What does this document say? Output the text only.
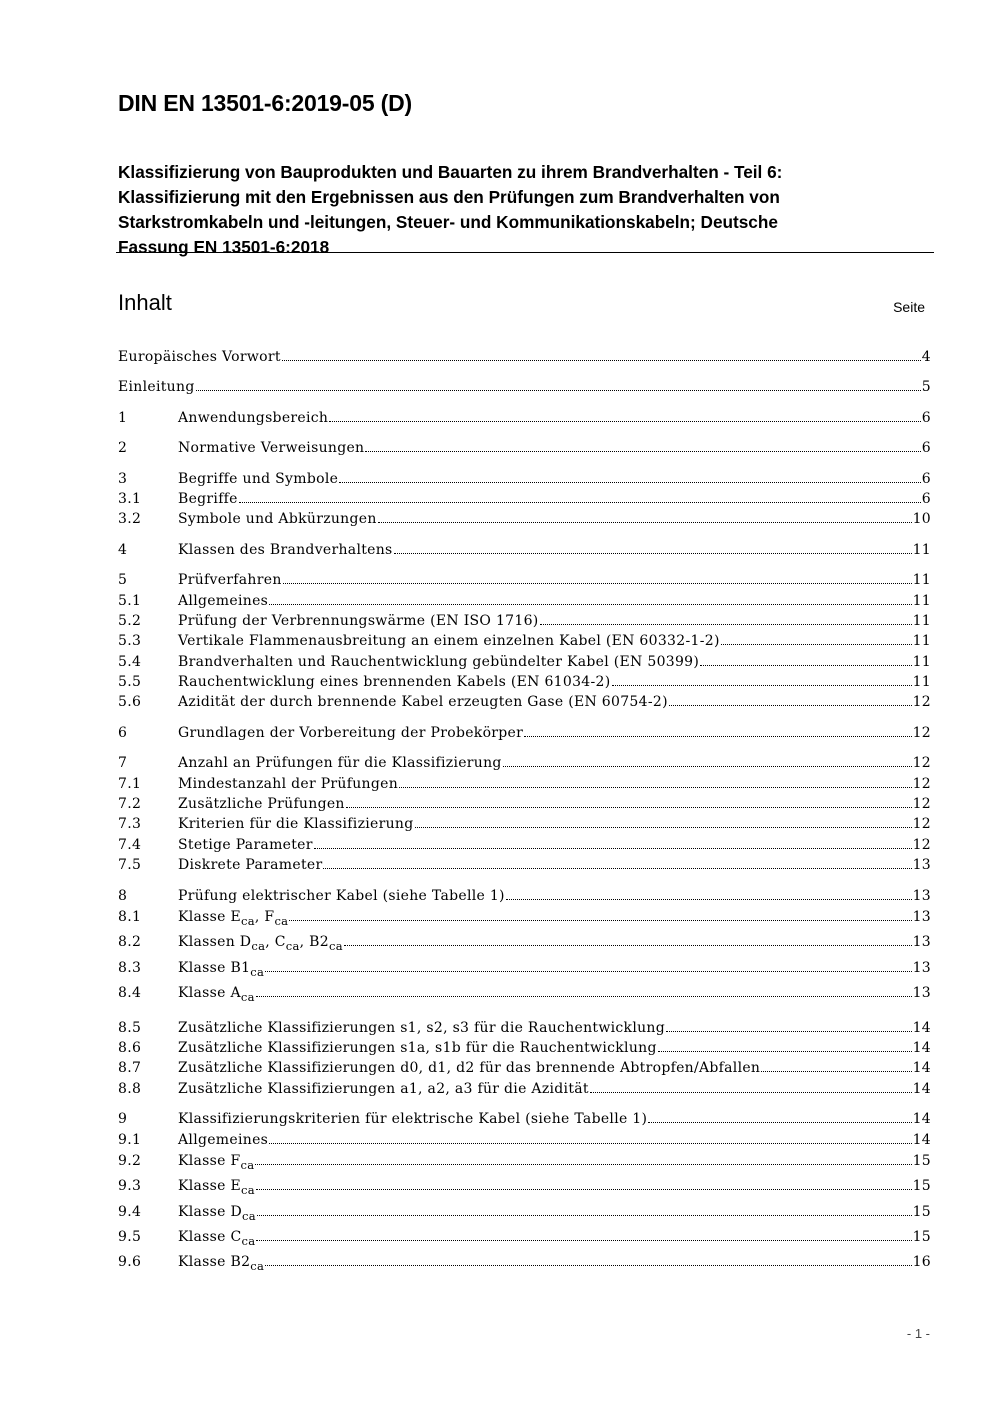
DIN EN 13501-6:2019-05 (D)
Klassifizierung von Bauprodukten und Bauarten zu ihrem Brandverhalten - Teil 6:
Klassifizierung mit den Ergebnissen aus den Prüfungen zum Brandverhalten von
Starkstromkabeln und -leitungen, Steuer- und Kommunikationskabeln; Deutsche
Fassung EN 13501-6:2018
Inhalt	Seite
Europäisches Vorwort	4
Einleitung	5
1	Anwendungsbereich	6
2	Normative Verweisungen	6
3	Begriffe und Symbole	6
3.1	Begriffe	6
3.2	Symbole und Abkürzungen	10
4	Klassen des Brandverhaltens	11
5	Prüfverfahren	11
5.1	Allgemeines	11
5.2	Prüfung der Verbrennungswärme (EN ISO 1716)	11
5.3	Vertikale Flammenausbreitung an einem einzelnen Kabel (EN 60332-1-2)	11
5.4	Brandverhalten und Rauchentwicklung gebündelter Kabel (EN 50399)	11
5.5	Rauchentwicklung eines brennenden Kabels (EN 61034-2)	11
5.6	Azidität der durch brennende Kabel erzeugten Gase (EN 60754-2)	12
6	Grundlagen der Vorbereitung der Probekörper	12
7	Anzahl an Prüfungen für die Klassifizierung	12
7.1	Mindestanzahl der Prüfungen	12
7.2	Zusätzliche Prüfungen	12
7.3	Kriterien für die Klassifizierung	12
7.4	Stetige Parameter	12
7.5	Diskrete Parameter	13
8	Prüfung elektrischer Kabel (siehe Tabelle 1)	13
8.1	Klasse $E_{ca}$, $F_{ca}$	13
8.2	Klassen $D_{ca}$, $C_{ca}$, $B2_{ca}$	13
8.3	Klasse $B1_{ca}$	13
8.4	Klasse $A_{ca}$	13
8.5	Zusätzliche Klassifizierungen s1, s2, s3 für die Rauchentwicklung	14
8.6	Zusätzliche Klassifizierungen s1a, s1b für die Rauchentwicklung	14
8.7	Zusätzliche Klassifizierungen d0, d1, d2 für das brennende Abtropfen/Abfallen	14
8.8	Zusätzliche Klassifizierungen a1, a2, a3 für die Azidität	14
9	Klassifizierungskriterien für elektrische Kabel (siehe Tabelle 1)	14
9.1	Allgemeines	14
9.2	Klasse $F_{ca}$	15
9.3	Klasse $E_{ca}$	15
9.4	Klasse $D_{ca}$	15
9.5	Klasse $C_{ca}$	15
9.6	Klasse $B2_{ca}$	16
- 1 -
